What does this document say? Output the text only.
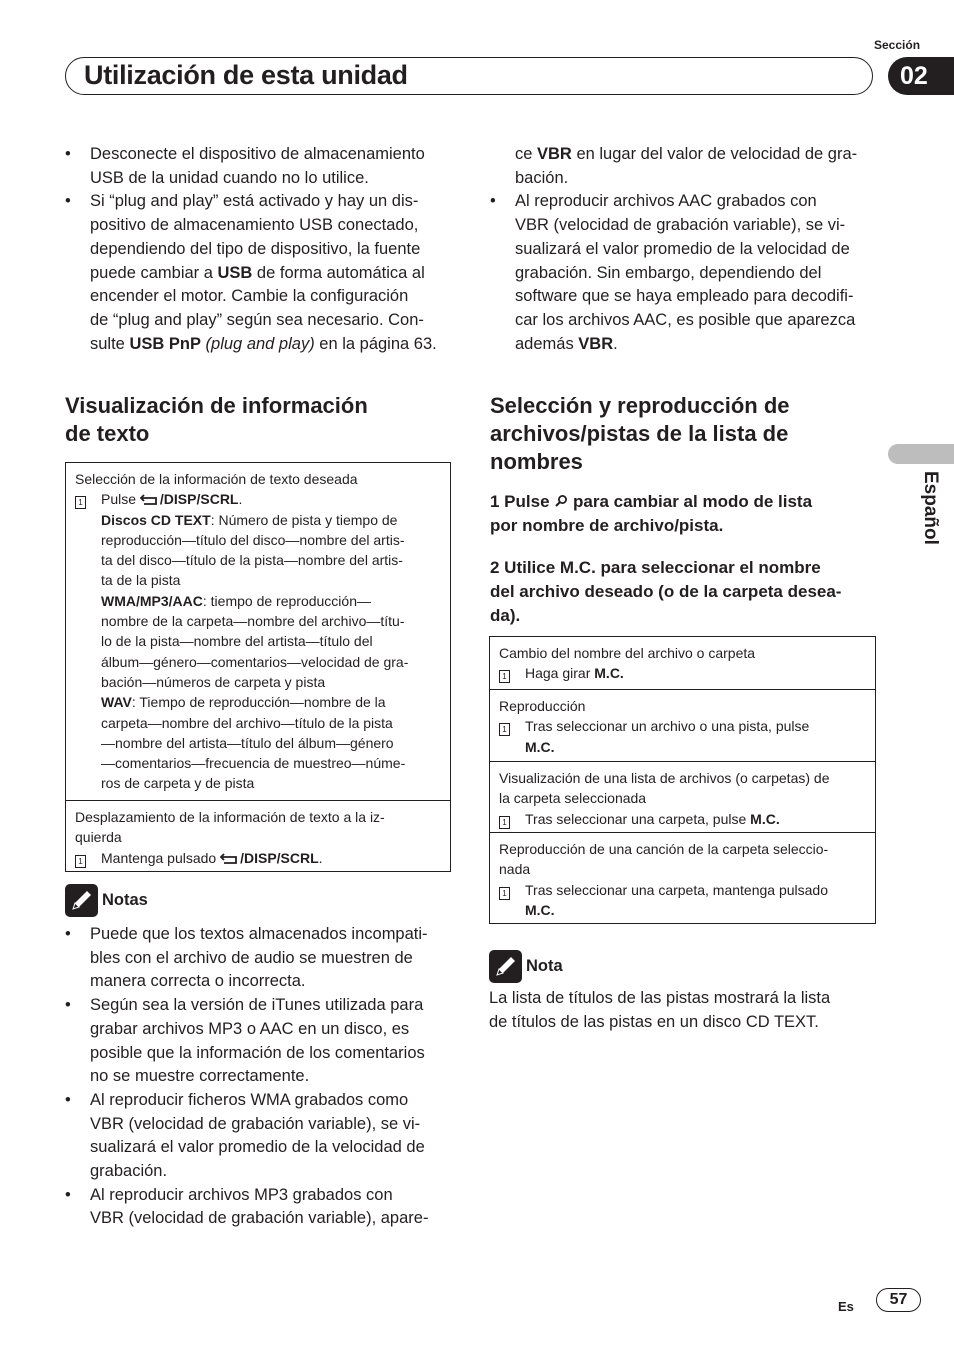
Sección
Utilización de esta unidad	02
Español
• Desconecte el dispositivo de almacenamiento
USB de la unidad cuando no lo utilice.
• Si “plug and play” está activado y hay un dis-
positivo de almacenamiento USB conectado,
dependiendo del tipo de dispositivo, la fuente
puede cambiar a USB de forma automática al
encender el motor. Cambie la configuración
de “plug and play” según sea necesario. Con-
sulte USB PnP (plug and play) en la página 63.

Visualización de información
de texto

Selección de la información de texto deseada
1 Pulse /DISP/SCRL.
Discos CD TEXT: Número de pista y tiempo de
reproducción—título del disco—nombre del artis-
ta del disco—título de la pista—nombre del artis-
ta de la pista
WMA/MP3/AAC: tiempo de reproducción—
nombre de la carpeta—nombre del archivo—títu-
lo de la pista—nombre del artista—título del
álbum—género—comentarios—velocidad de gra-
bación—números de carpeta y pista
WAV: Tiempo de reproducción—nombre de la
carpeta—nombre del archivo—título de la pista
—nombre del artista—título del álbum—género
—comentarios—frecuencia de muestreo—núme-
ros de carpeta y de pista
Desplazamiento de la información de texto a la iz-
quierda
1 Mantenga pulsado /DISP/SCRL.
Notas
• Puede que los textos almacenados incompati-
bles con el archivo de audio se muestren de
manera correcta o incorrecta.
• Según sea la versión de iTunes utilizada para
grabar archivos MP3 o AAC en un disco, es
posible que la información de los comentarios
no se muestre correctamente.
• Al reproducir ficheros WMA grabados como
VBR (velocidad de grabación variable), se vi-
sualizará el valor promedio de la velocidad de
grabación.
• Al reproducir archivos MP3 grabados con
VBR (velocidad de grabación variable), apare-

ce VBR en lugar del valor de velocidad de gra-
bación.

• Al reproducir archivos AAC grabados con
VBR (velocidad de grabación variable), se vi-
sualizará el valor promedio de la velocidad de
grabación. Sin embargo, dependiendo del
software que se haya empleado para decodifi-
car los archivos AAC, es posible que aparezca
además VBR.

Selección y reproducción de
archivos/pistas de la lista de
nombres

1 Pulse  para cambiar al modo de lista
por nombre de archivo/pista.

2 Utilice M.C. para seleccionar el nombre
del archivo deseado (o de la carpeta desea-
da).

Cambio del nombre del archivo o carpeta
1 Haga girar M.C.
Reproducción
1 Tras seleccionar un archivo o una pista, pulse
M.C.
Visualización de una lista de archivos (o carpetas) de
la carpeta seleccionada
1 Tras seleccionar una carpeta, pulse M.C.
Reproducción de una canción de la carpeta seleccio-
nada
1 Tras seleccionar una carpeta, mantenga pulsado
M.C.
Nota

La lista de títulos de las pistas mostrará la lista
de títulos de las pistas en un disco CD TEXT.

Es	57
